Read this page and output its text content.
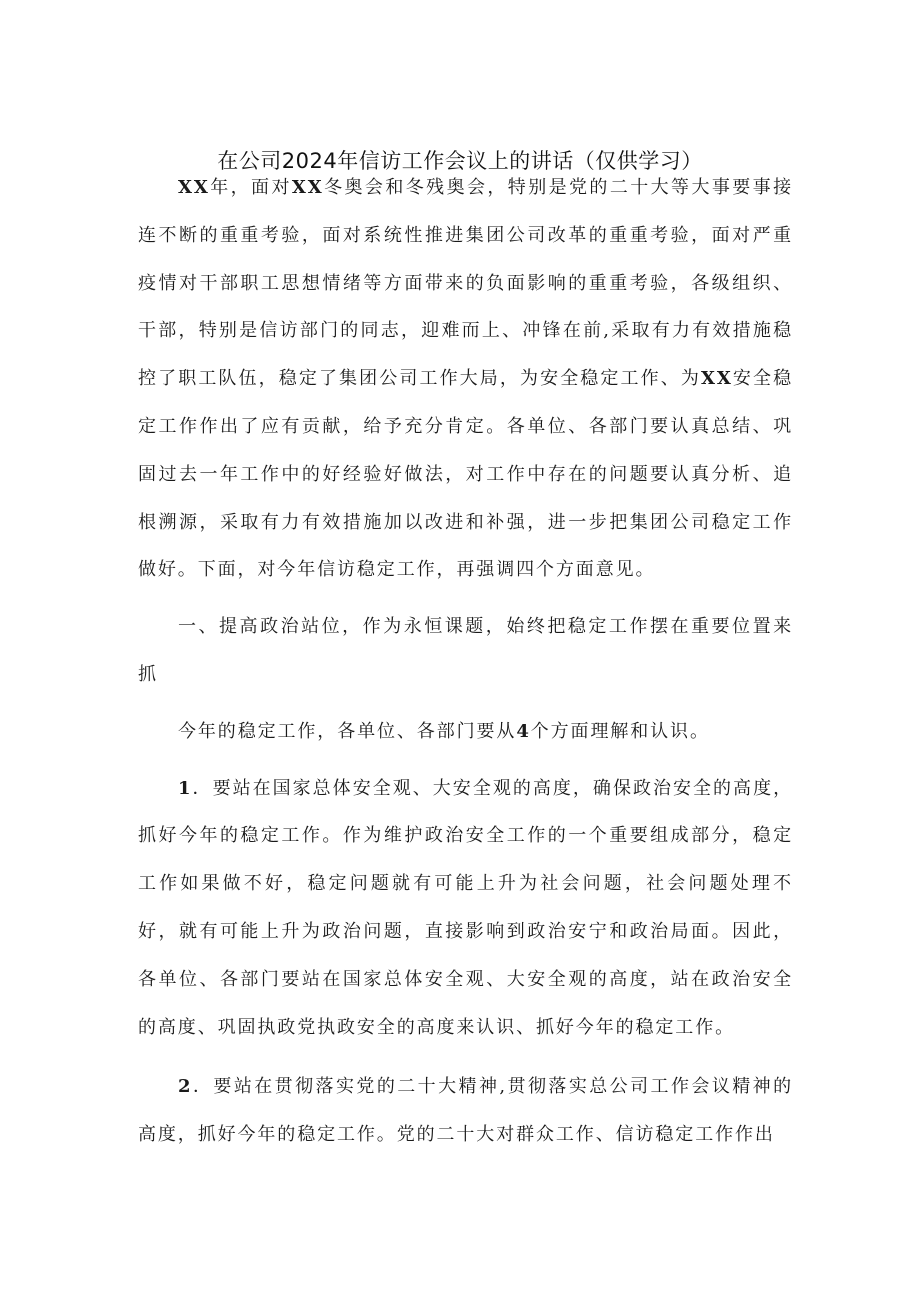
在公司2024年信访工作会议上的讲话（仅供学习）

XX年，面对XX冬奥会和冬残奥会，特别是党的二十大等大事要事接连不断的重重考验，面对系统性推进集团公司改革的重重考验，面对严重疫情对干部职工思想情绪等方面带来的负面影响的重重考验，各级组织、干部，特别是信访部门的同志，迎难而上、冲锋在前,采取有力有效措施稳控了职工队伍，稳定了集团公司工作大局，为安全稳定工作、为XX安全稳定工作作出了应有贡献，给予充分肯定。各单位、各部门要认真总结、巩固过去一年工作中的好经验好做法，对工作中存在的问题要认真分析、追根溯源，采取有力有效措施加以改进和补强，进一步把集团公司稳定工作做好。下面，对今年信访稳定工作，再强调四个方面意见。

一、提高政治站位，作为永恒课题，始终把稳定工作摆在重要位置来抓

今年的稳定工作，各单位、各部门要从4个方面理解和认识。

1．要站在国家总体安全观、大安全观的高度，确保政治安全的高度，抓好今年的稳定工作。作为维护政治安全工作的一个重要组成部分，稳定工作如果做不好，稳定问题就有可能上升为社会问题，社会问题处理不好，就有可能上升为政治问题，直接影响到政治安宁和政治局面。因此，各单位、各部门要站在国家总体安全观、大安全观的高度，站在政治安全的高度、巩固执政党执政安全的高度来认识、抓好今年的稳定工作。

2．要站在贯彻落实党的二十大精神,贯彻落实总公司工作会议精神的高度，抓好今年的稳定工作。党的二十大对群众工作、信访稳定工作作出
